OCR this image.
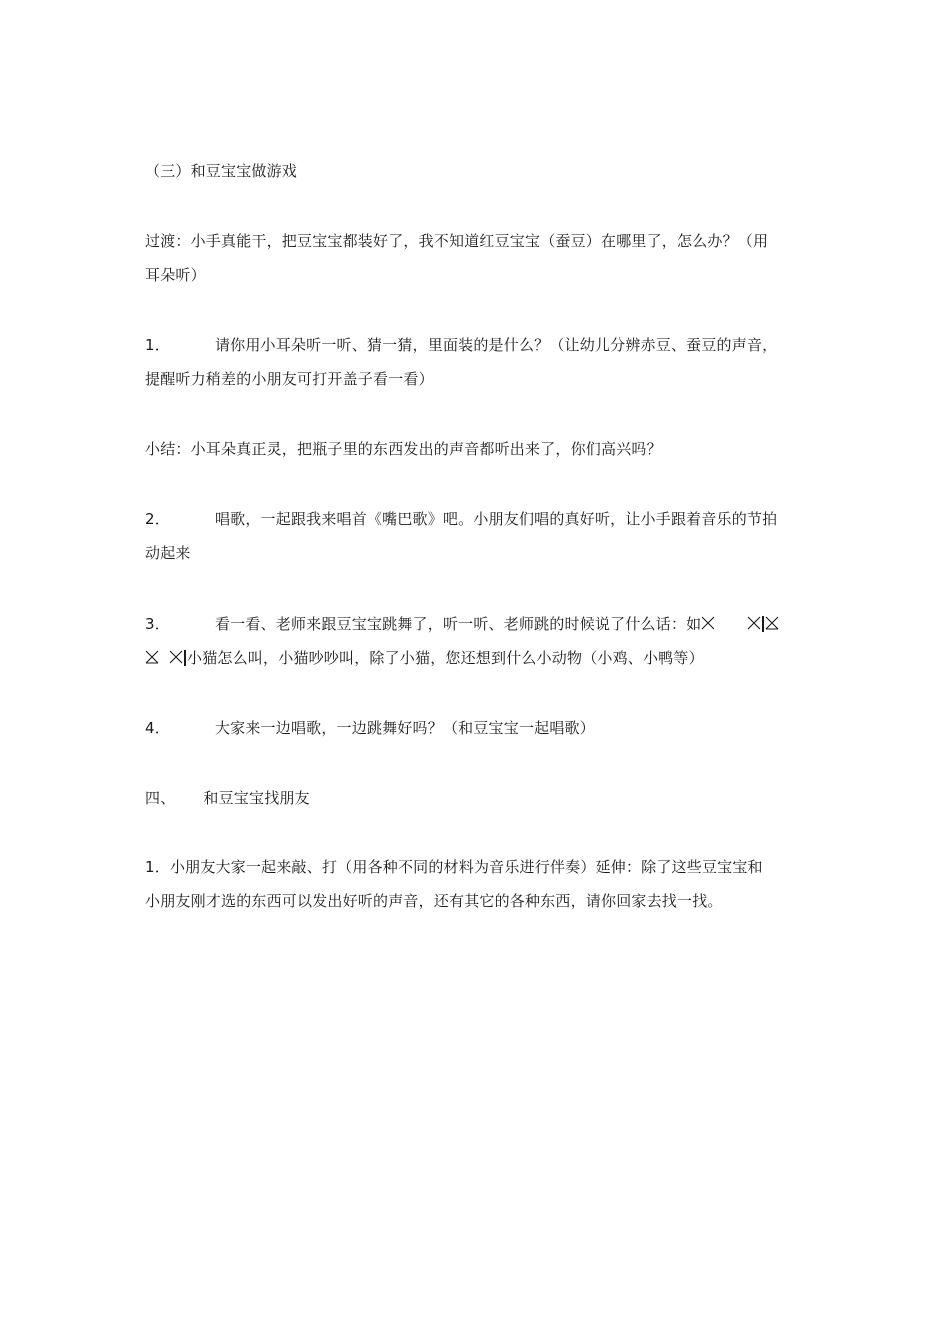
（三）和豆宝宝做游戏
过渡：小手真能干，把豆宝宝都装好了，我不知道红豆宝宝（蚕豆）在哪里了，怎么办？（用
耳朵听）
1．	请你用小耳朵听一听、猜一猜，里面装的是什么？（让幼儿分辨赤豆、蚕豆的声音，
提醒听力稍差的小朋友可打开盖子看一看）
小结：小耳朵真正灵，把瓶子里的东西发出的声音都听出来了，你们高兴吗？
2．	唱歌，一起跟我来唱首《嘴巴歌》吧。小朋友们唱的真好听，让小手跟着音乐的节拍
动起来
3．	看一看、老师来跟豆宝宝跳舞了，听一听、老师跳的时候说了什么话：如
小猫怎么叫，小猫吵吵叫，除了小猫，您还想到什么小动物（小鸡、小鸭等）
4．	大家来一边唱歌，一边跳舞好吗？（和豆宝宝一起唱歌）
四、 和豆宝宝找朋友
1．小朋友大家一起来敲、打（用各种不同的材料为音乐进行伴奏）延伸：除了这些豆宝宝和
小朋友刚才选的东西可以发出好听的声音，还有其它的各种东西，请你回家去找一找。
